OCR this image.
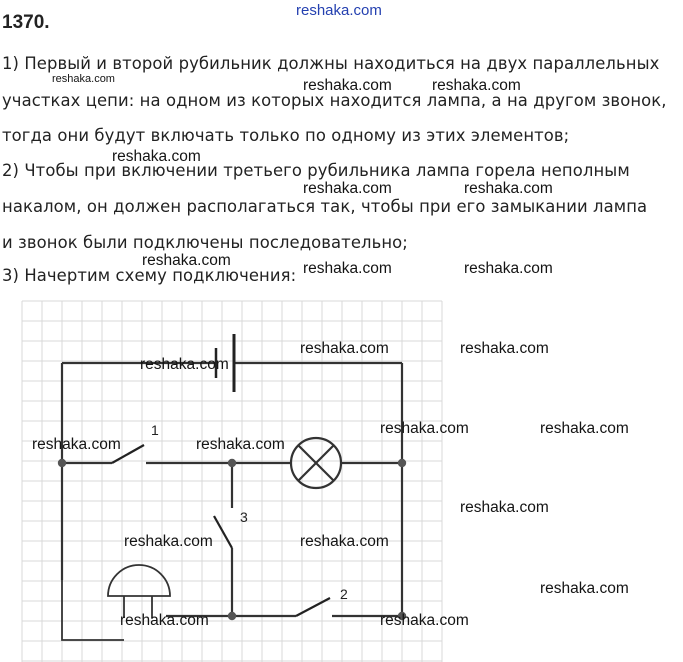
reshaka.com
1370.
1) Первый и второй рубильник должны находиться на двух параллельных
участках цепи: на одном из которых находится лампа, а на другом звонок,
тогда они будут включать только по одному из этих элементов;
2) Чтобы при включении третьего рубильника лампа горела неполным
накалом, он должен располагаться так, чтобы при его замыкании лампа
и звонок были подключены последовательно;
3) Начертим схему подключения:
1
3
2
reshaka.com	reshaka.com	reshaka.com
reshaka.com
reshaka.com	reshaka.com
reshaka.com	reshaka.com	reshaka.com
reshaka.com	reshaka.com
reshaka.com
reshaka.com	reshaka.com
reshaka.com	reshaka.com
reshaka.com
reshaka.com	reshaka.com
reshaka.com
reshaka.com	reshaka.com
